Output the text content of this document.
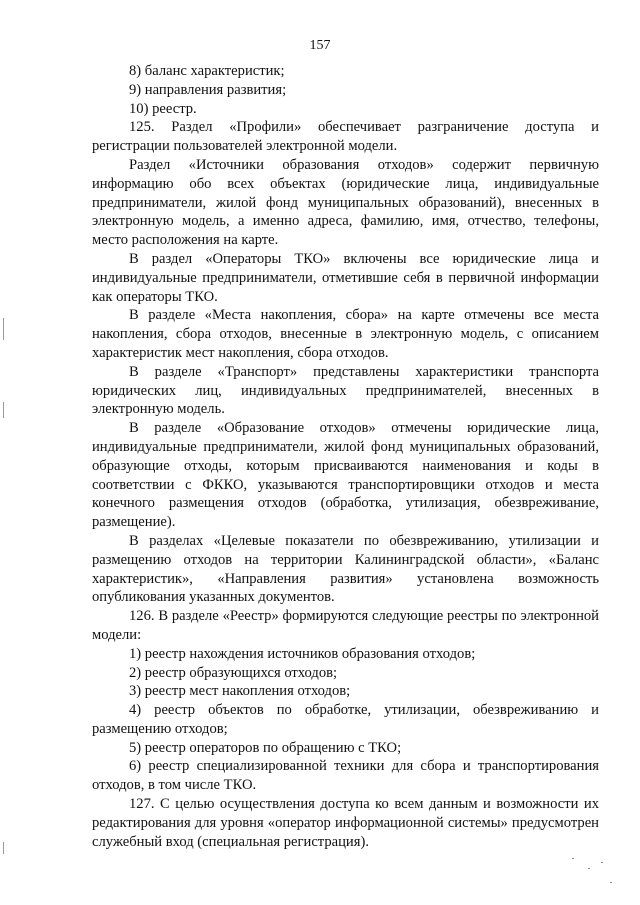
157

8) баланс характеристик;

9) направления развития;

10) реестр.

125. Раздел «Профили» обеспечивает разграничение доступа и регистрации пользователей электронной модели.

Раздел «Источники образования отходов» содержит первичную информацию обо всех объектах (юридические лица, индивидуальные предприниматели, жилой фонд муниципальных образований), внесенных в электронную модель, а именно адреса, фамилию, имя, отчество, телефоны, место расположения на карте.

В раздел «Операторы ТКО» включены все юридические лица и индивидуальные предприниматели, отметившие себя в первичной информации как операторы ТКО.

В разделе «Места накопления, сбора» на карте отмечены все места накопления, сбора отходов, внесенные в электронную модель, с описанием характеристик мест накопления, сбора отходов.

В разделе «Транспорт» представлены характеристики транспорта юридических лиц, индивидуальных предпринимателей, внесенных в электронную модель.

В разделе «Образование отходов» отмечены юридические лица, индивидуальные предприниматели, жилой фонд муниципальных образований, образующие отходы, которым присваиваются наименования и коды в соответствии с ФККО, указываются транспортировщики отходов и места конечного размещения отходов (обработка, утилизация, обезвреживание, размещение).

В разделах «Целевые показатели по обезвреживанию, утилизации и размещению отходов на территории Калининградской области», «Баланс характеристик», «Направления развития» установлена возможность опубликования указанных документов.

126. В разделе «Реестр» формируются следующие реестры по электронной модели:

1) реестр нахождения источников образования отходов;

2) реестр образующихся отходов;

3) реестр мест накопления отходов;

4) реестр объектов по обработке, утилизации, обезвреживанию и размещению отходов;

5) реестр операторов по обращению с ТКО;

6) реестр специализированной техники для сбора и транспортирования отходов, в том числе ТКО.

127. С целью осуществления доступа ко всем данным и возможности их редактирования для уровня «оператор информационной системы» предусмотрен служебный вход (специальная регистрация).
